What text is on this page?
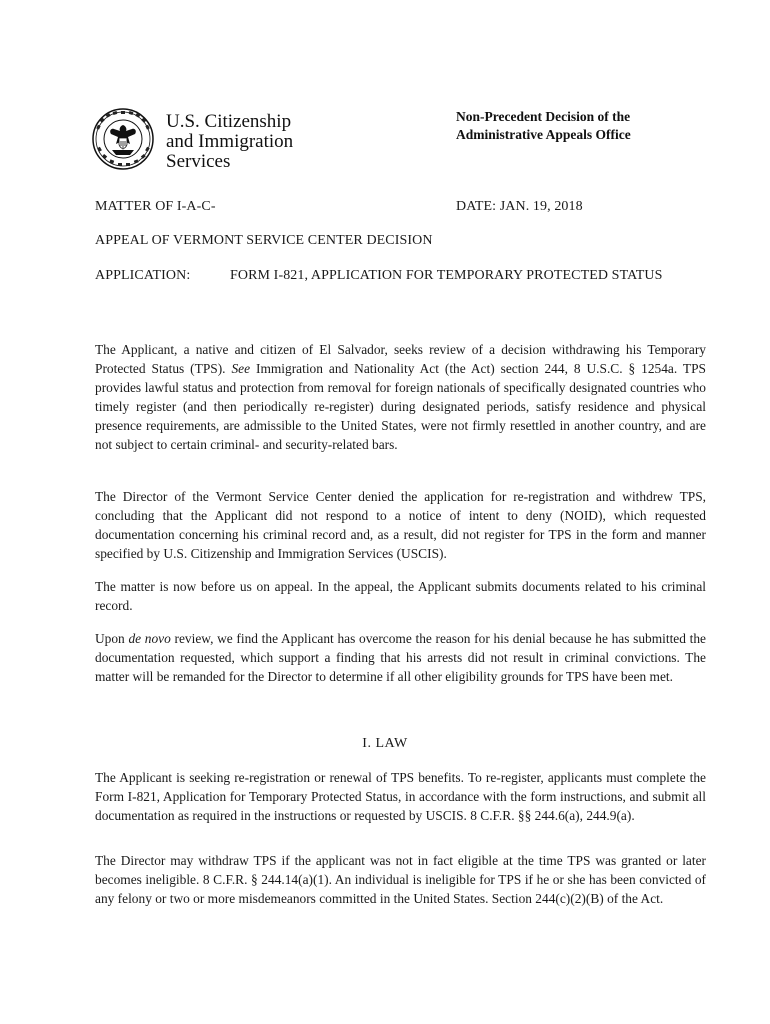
U.S. Citizenship
and Immigration
Services
Non-Precedent Decision of the
Administrative Appeals Office
MATTER OF I-A-C-	DATE: JAN. 19, 2018
APPEAL OF VERMONT SERVICE CENTER DECISION
APPLICATION:	FORM I-821, APPLICATION FOR TEMPORARY PROTECTED STATUS

The Applicant, a native and citizen of El Salvador, seeks review of a decision withdrawing his Temporary Protected Status (TPS). See Immigration and Nationality Act (the Act) section 244, 8 U.S.C. § 1254a. TPS provides lawful status and protection from removal for foreign nationals of specifically designated countries who timely register (and then periodically re-register) during designated periods, satisfy residence and physical presence requirements, are admissible to the United States, were not firmly resettled in another country, and are not subject to certain criminal- and security-related bars.

The Director of the Vermont Service Center denied the application for re-registration and withdrew TPS, concluding that the Applicant did not respond to a notice of intent to deny (NOID), which requested documentation concerning his criminal record and, as a result, did not register for TPS in the form and manner specified by U.S. Citizenship and Immigration Services (USCIS).

The matter is now before us on appeal. In the appeal, the Applicant submits documents related to his criminal record.

Upon de novo review, we find the Applicant has overcome the reason for his denial because he has submitted the documentation requested, which support a finding that his arrests did not result in criminal convictions. The matter will be remanded for the Director to determine if all other eligibility grounds for TPS have been met.

I. LAW

The Applicant is seeking re-registration or renewal of TPS benefits. To re-register, applicants must complete the Form I-821, Application for Temporary Protected Status, in accordance with the form instructions, and submit all documentation as required in the instructions or requested by USCIS. 8 C.F.R. §§ 244.6(a), 244.9(a).

The Director may withdraw TPS if the applicant was not in fact eligible at the time TPS was granted or later becomes ineligible. 8 C.F.R. § 244.14(a)(1). An individual is ineligible for TPS if he or she has been convicted of any felony or two or more misdemeanors committed in the United States. Section 244(c)(2)(B) of the Act.
